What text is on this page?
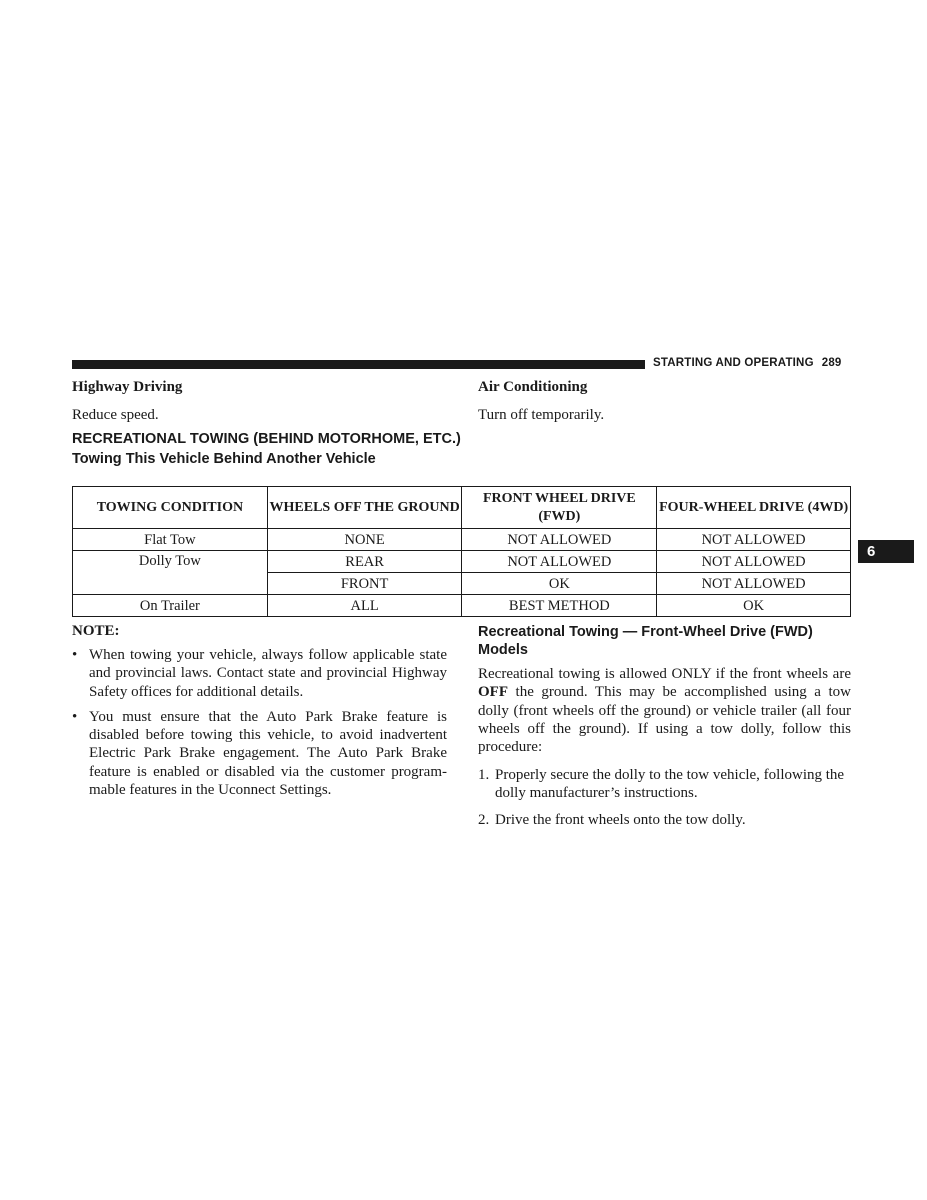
STARTING AND OPERATING 289
6
Highway Driving
Reduce speed.
Air Conditioning
Turn off temporarily.
RECREATIONAL TOWING (BEHIND MOTORHOME, ETC.)
Towing This Vehicle Behind Another Vehicle
TOWING CONDITION	WHEELS OFF THE GROUND	FRONT WHEEL DRIVE (FWD)	FOUR-WHEEL DRIVE (4WD)
Flat Tow	NONE	NOT ALLOWED	NOT ALLOWED
Dolly Tow	REAR	NOT ALLOWED	NOT ALLOWED
	FRONT	OK	NOT ALLOWED
On Trailer	ALL	BEST METHOD	OK
NOTE:
• When towing your vehicle, always follow applicable state and provincial laws. Contact state and provincial Highway Safety offices for additional details.
• You must ensure that the Auto Park Brake feature is disabled before towing this vehicle, to avoid inadvertent Electric Park Brake engagement. The Auto Park Brake feature is enabled or disabled via the customer program- mable features in the Uconnect Settings.
Recreational Towing — Front-Wheel Drive (FWD) Models

Recreational towing is allowed ONLY if the front wheels are OFF the ground. This may be accomplished using a tow dolly (front wheels off the ground) or vehicle trailer (all four wheels off the ground). If using a tow dolly, follow this procedure:

1. Properly secure the dolly to the tow vehicle, following the dolly manufacturer’s instructions.
2. Drive the front wheels onto the tow dolly.
